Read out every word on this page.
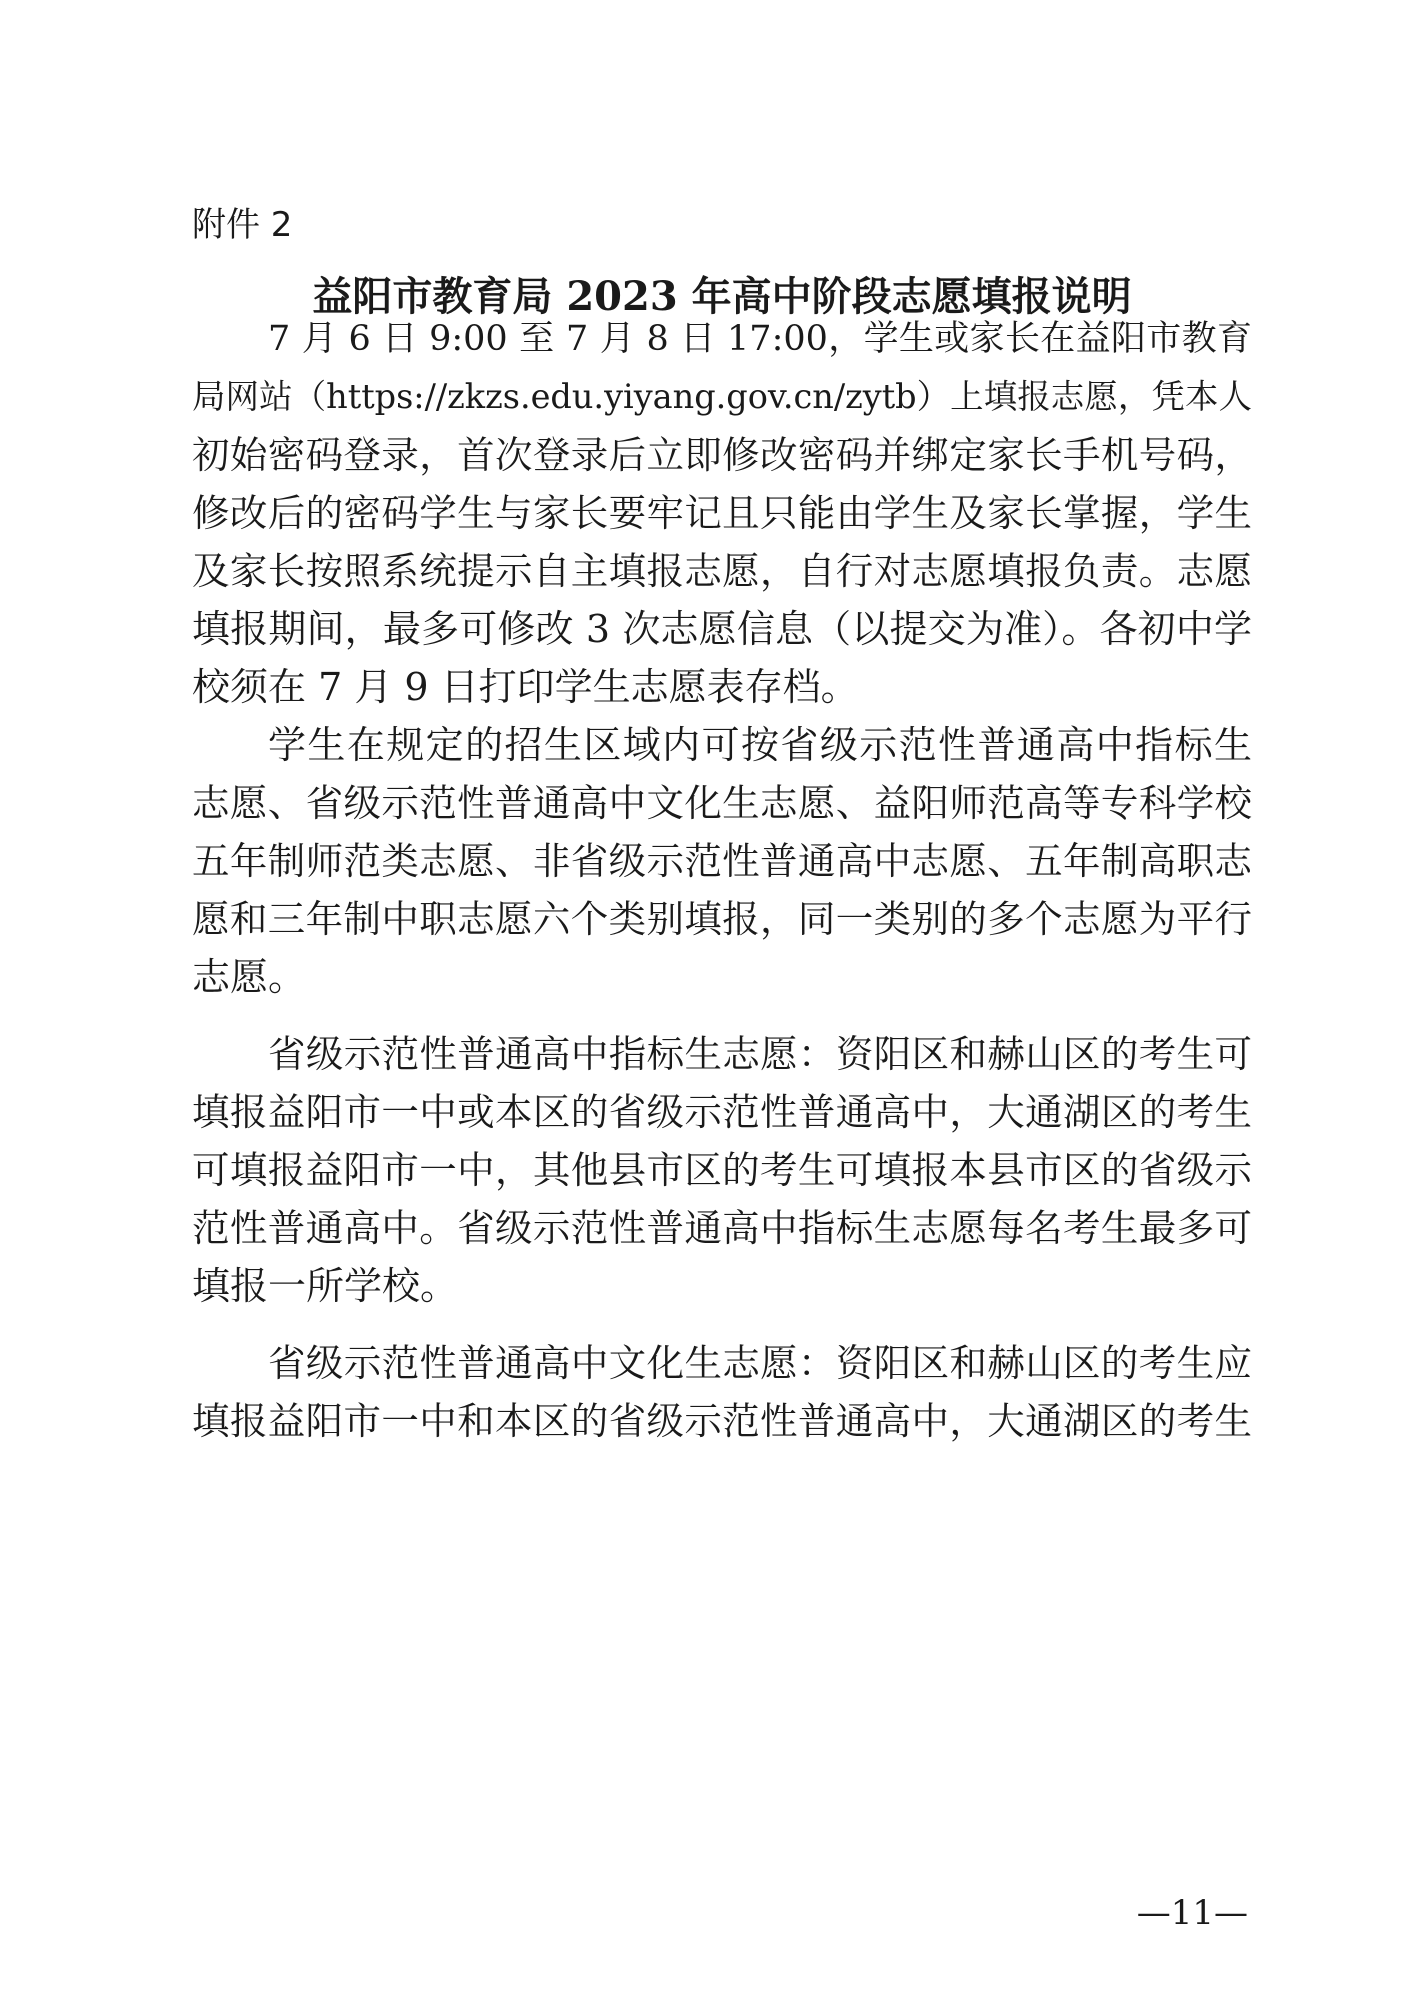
附件 2
益阳市教育局 2023 年高中阶段志愿填报说明
7 月 6 日 9:00 至 7 月 8 日 17:00，学生或家长在益阳市教育
局网站（https://zkzs.edu.yiyang.gov.cn/zytb）上填报志愿，凭本人
初始密码登录，首次登录后立即修改密码并绑定家长手机号码，
修改后的密码学生与家长要牢记且只能由学生及家长掌握，学生
及家长按照系统提示自主填报志愿，自行对志愿填报负责。志愿
填报期间，最多可修改 3 次志愿信息（以提交为准）。各初中学
校须在 7 月 9 日打印学生志愿表存档。
学生在规定的招生区域内可按省级示范性普通高中指标生
志愿、省级示范性普通高中文化生志愿、益阳师范高等专科学校
五年制师范类志愿、非省级示范性普通高中志愿、五年制高职志
愿和三年制中职志愿六个类别填报，同一类别的多个志愿为平行
志愿。
省级示范性普通高中指标生志愿：资阳区和赫山区的考生可
填报益阳市一中或本区的省级示范性普通高中，大通湖区的考生
可填报益阳市一中，其他县市区的考生可填报本县市区的省级示
范性普通高中。省级示范性普通高中指标生志愿每名考生最多可
填报一所学校。
省级示范性普通高中文化生志愿：资阳区和赫山区的考生应
填报益阳市一中和本区的省级示范性普通高中，大通湖区的考生
—11—
